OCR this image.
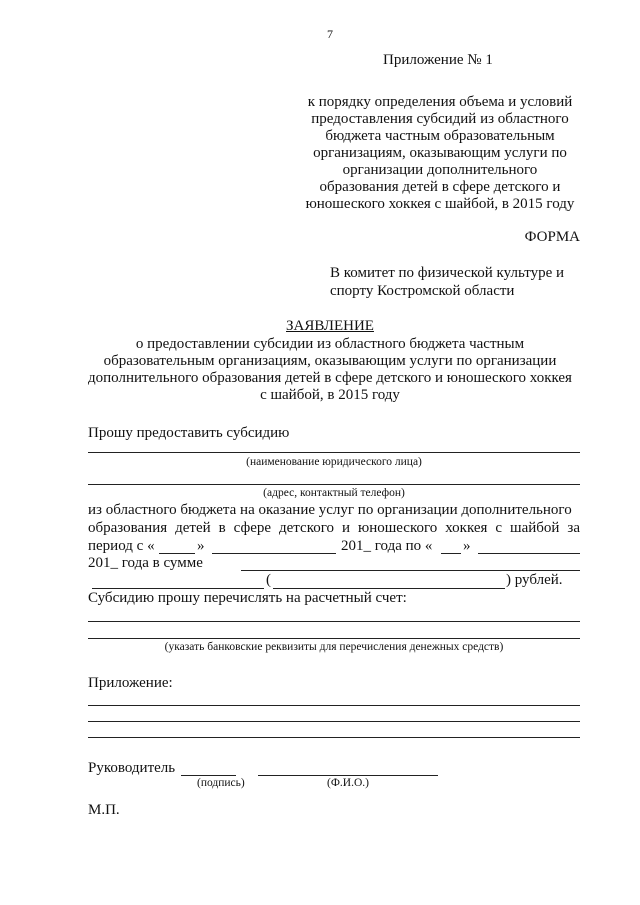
7
Приложение № 1
к порядку определения объема и условий
предоставления субсидий из областного
бюджета частным образовательным
организациям, оказывающим услуги по
организации дополнительного
образования детей в сфере детского и
юношеского хоккея с шайбой, в 2015 году
ФОРМА
В комитет по физической культуре и
спорту Костромской области
ЗАЯВЛЕНИЕ
о предоставлении субсидии из областного бюджета частным
образовательным организациям, оказывающим услуги по организации
дополнительного образования детей в сфере детского и юношеского хоккея
с шайбой, в 2015 году
Прошу предоставить субсидию
(наименование юридического лица)
(адрес, контактный телефон)
из областного бюджета на оказание услуг по организации дополнительного
образования детей в сфере детского и юношеского хоккея с шайбой за
период с «	»	201_ года по « »
201_ года в сумме
(	) рублей.
Субсидию прошу перечислять на расчетный счет:
(указать банковские реквизиты для перечисления денежных средств)
Приложение:
Руководитель
(подпись)	(Ф.И.О.)
М.П.
